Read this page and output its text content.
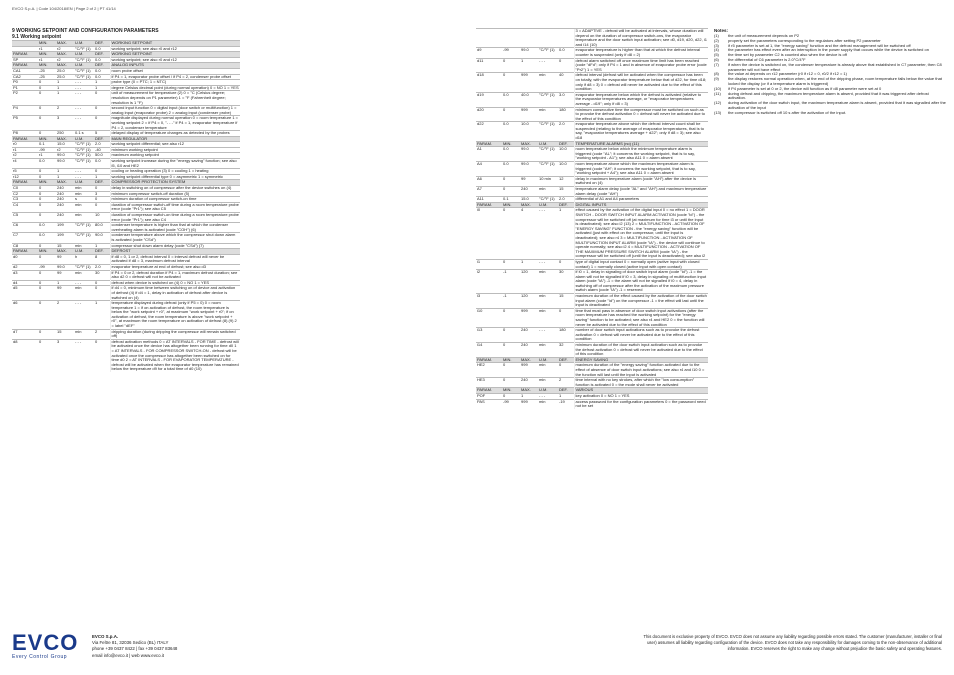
EVCO S.p.A. | Code 104/2018/EN | Page 2 of 2 | PT 41/14
9 WORKING SETPOINT AND CONFIGURATION PARAMETERS
9.1 Working setpoint
	MIN.	MAX.	U.M.	DEF.	WORKING SETPOINT
	r1	r2	°C/°F (1)	0.0	working setpoint; see also r0 and r12
PARAM.	MIN.	MAX.	U.M.	DEF.	WORKING SETPOINT
SP	r1	r2	°C/°F (1)	0.0	working setpoint; see also r0 and r12
PARAM.	MIN.	MAX.	U.M.	DEF.	ANALOG INPUTS
CA1	-25	25.0	°C/°F (1)	0.0	room probe offset
CA2	-25	25.0	°C/°F (1)	0.0	if P4 = 1, evaporator probe offset / if P4 = 2, condenser probe offset
P0	0	1	- - -	1	probe type (0 = PTC; 1 = NTC)
P1	0	1	- - -	1	degree Celsius decimal point (during normal operation) 0 = NO 1 = YES
P2	0	1	- - -	0	unit of measurement for temperature (2) 0 = °C (Celsius degree; resolution depends on P1 parameter) 1 = °F (Fahrenheit degree; resolution is 1 °F)
P4	0	2	- - -	0	second input function 0 = digital input (door switch or multifunction) 1 = analog input (evaporator probe) 2 = analog input (condenser probe)
P5	0	3	- - -	0	magnitude displayed during normal operation 0 = room temperature 1 = working setpoint 2 = if P4 = 0, "- - -" if P4 = 1, evaporator temperature if P4 = 2, condenser temperature
P8	0	250	0.1 s	5	delayed display of temperature changes as detected by the probes
PARAM.	MIN.	MAX.	U.M.	DEF.	MAIN REGULATOR
r0	0.1	15.0	°C/°F (1)	2.0	working setpoint differential; see also r12
r1	-99	r2	°C/°F (1)	-40	minimum working setpoint
r2	r1	99.0	°C/°F (1)	50.0	maximum working setpoint
r4	0.0	99.0	°C/°F (1)	0.0	working setpoint increase during the "energy saving" function; see also i5, i10 and HE2
r5	0	1	- - -	0	cooling or heating operation (3) 0 = cooling 1 = heating
r12	0	1	- - -	1	working setpoint differential type 0 = asymmetric 1 = symmetric
PARAM.	MIN.	MAX.	U.M.	DEF.	COMPRESSOR PROTECTION SYSTEM
C0	0	240	min	0	delay in switching on of compressor after the device switches on (4)
C2	0	240	min	3	minimum compressor switch-off duration (5)
C3	0	240	s	0	minimum duration of compressor switch-on time
C4	0	240	min	0	duration of compressor switch-off time during a room temperature probe error (code "Pr1"); see also C5
C5	0	240	min	10	duration of compressor switch-on time during a room temperature probe error (code "Pr1"); see also C4
C6	0.0	199	°C/°F (1)	80.0	condenser temperature is higher than that at which the condenser overheating alarm is activated (code "COH") (6)
C7	0.0	199	°C/°F (1)	90.0	condenser temperature above which the compressor shut down alarm is activated (code "CSd")
C8	0	15	min	1	compressor shut down alarm delay (code "CSd") (7)
PARAM.	MIN.	MAX.	U.M.	DEF.	DEFROST
d0	0	99	h	8	if d8 = 0, 1 or 2, defrost interval 0 = interval defrost will never be activated if d8 = 3, maximum defrost interval
d2	-99	99.0	°C/°F (1)	2.0	evaporator temperature at end of defrost; see also d3
d3	0	99	min	30	if P4 = 0 or 2, defrost duration if P4 = 1, maximum defrost duration; see also d2 0 = defrost will not be activated
d4	0	1	- - -	0	defrost when device is switched on (4) 0 = NO 1 = YES
d5	0	99	min	0	if d4 = 0, minimum time between switching on of device and activation of defrost (4) if d4 = 1, delay in activation of defrost after device is switched on (4)
d6	0	2	- - -	1	temperature displayed during defrost (only if P5 = 0) 0 = room temperature 1 = if on activation of defrost, the room temperature is below the "work setpoint + r0", at maximum "work setpoint + r0"; if on activation of defrost, the room temperature is above "work setpoint + r0", at maximum the room temperature on activation of defrost (8) (9) 2 = label "dEF"
d7	0	15	min	2	dripping duration (during dripping the compressor will remain switched off)
d8	0	3	- - -	0	defrost activation methods 0 = AT INTERVALS - FOR TIME - defrost will be activated once the device has altogether been running for time d0 1 = AT INTERVALS - FOR COMPRESSOR SWITCH-ON - defrost will be activated once the compressor has altogether been switched on for time d0 2 = AT INTERVALS - FOR EVAPORATOR TEMPERATURE - defrost will be activated when the evaporator temperature has remained below the temperature d9 for a total time of d0 (10)
					3 = ADAPTIVE - defrost will be activated at intervals, whose duration will depend on the duration of compressor switch-ons, the evaporator temperature and the door switch input activation; see d0, d19, d20, d22, i1 and i14 (10)
d9	-99	99.0	°C/°F (1)	0.0	evaporator temperature is higher than that at which the defrost interval counter is suspended (only if d8 = 2)
d11	0	1	- - -	0	defrost alarm switched off once maximum time limit has been reached (code "dFd"; only if P4 = 1 and in absence of evaporator probe error (code "Pr2") 1 = YES
d18	0	999	min	40	defrost interval (defrost will be activated when the compressor has been on totally, with the evaporator temperature below that of d22, for time d18; only if d8 = 3) 0 = defrost will never be activated due to the effect of this condition
d19	0.0	40.0	°C/°F (1)	3.0	evaporator temperature below which the defrost is activated (relative to the evaporator temperatures average, or "evaporator temperatures average - d19"; only if d8 = 3)
d20	0	999	min	180	minimum consecutive time the compressor must be switched on such as to provoke the defrost activation 0 = defrost will never be activated due to the effect of this condition
d22	0.0	10.0	°C/°F (1)	2.0	evaporator temperature above which the defrost interval count shall be suspended (relating to the average of evaporator temperatures, that is to say, "evaporator temperatures average + d22"; only if d8 = 3); see also d18
PARAM.	MIN.	MAX.	U.M.	DEF.	TEMPERATURE ALARMS (no) (11)
A1	0.0	99.0	°C/°F (1)	10.0	room temperature below which the minimum temperature alarm is triggered (code "AL"; it concerns the working setpoint, that is to say, "working setpoint - A1"); see also A11 0 = alarm absent
A4	0.0	99.0	°C/°F (1)	10.0	room temperature above which the maximum temperature alarm is triggered (code "AH"; it concerns the working setpoint, that is to say, "working setpoint + A4"); see also A11 0 = alarm absent
A6	0	99	10 min	12	delay in maximum temperature alarm (code "AH") after the device is switched on (4)
A7	0	240	min	15	temperature alarm delay (code "AL" and "AH") and maximum temperature alarm delay (code "AH")
A11	0.1	15.0	°C/°F (1)	2.0	differential of A1 and A4 parameters
PARAM.	MIN.	MAX.	U.M.	DEF.	DIGITAL INPUTS
i0	0	4	- - -	1	effect caused by the activation of the digital input 0 = no effect 1 = DOOR SWITCH - DOOR SWITCH INPUT ALARM ACTIVATION (code "id") - the compressor will be switched off (at maximum for time i3 or until the input is deactivated); see also i2 (13) 2 = MULTIFUNCTION - ACTIVATION OF "ENERGY SAVING" FUNCTION - the "energy saving" function will be activated (just with effect on the compressor, until the input is deactivated); see also r4 3 = MULTIFUNCTION - ACTIVATION OF MULTIFUNCTION INPUT ALARM (code "iA") - the device will continue to operate normally; see also i2 4 = MULTIFUNCTION - ACTIVATION OF THE MAXIMUM PRESSURE SWITCH ALARM (code "iA") - the compressor will be switched off (until the input is deactivated); see also i2
i1	0	1	- - -	0	type of digital input contact 0 = normally open (active input with closed contact) 1 = normally closed (active input with open contact)
i2	-1	120	min	30	if i0 = 1, delay in signaling of door switch input alarm (code "id") -1 = the alarm will not be signalled if i0 = 3, delay in signaling of multifunction input alarm (code "iA") -1 = the alarm will not be signalled if i0 = 4, delay in switching off of compressor after the activation of the maximum pressure switch alarm (code "iA") -1 = reserved
i3	-1	120	min	15	maximum duration of the effect caused by the activation of the door switch input alarm (code "id") on the compressor -1 = the effect will last until the input is deactivated
i10	0	999	min	0	time that must pass in absence of door switch input activations (after the room temperature has reached the working setpoint) for the "energy saving" function to be activated; see also r4 and HE2 0 = the function will never be activated due to the effect of this condition
i13	0	240	- - -	180	number of door switch input activations such as to provoke the defrost activation 0 = defrost will never be activated due to the effect of this condition
i14	0	240	min	32	minimum duration of the door switch input activation such as to provoke the defrost activation 0 = defrost will never be activated due to the effect of this condition
PARAM.	MIN.	MAX.	U.M.	DEF.	ENERGY SAVING
HE2	0	999	min	0	maximum duration of the "energy saving" function activated due to the effect of absence of door switch input activations; see also r4 and i10 0 = the function will last until the input is activated
HE3	0	240	min	2	time interval with no key strokes, after which the "low consumption" function is activated 0 = the mode shall never be activated
PARAM.	MIN.	MAX.	U.M.	DEF.	VARIOUS
POF	0	1	- - -	1	key activation 0 = NO 1 = YES
PAS	-99	999	min	-19	access password for the configuration parameters 0 = the password need not be set
Notes:
(1)	the unit of measurement depends on P2
(2)	properly set the parameters corresponding to the regulators after setting P2 parameter
(3)	if r5 parameter is set at 1, the "energy saving" function and the defrost management will be switched off
(4)	the parameter has effect even after an interruption in the power supply that occurs while the device is switched on
(5)	the time set by parameter C2 is counted also when the device is off
(6)	the differential of C6 parameter is 2.0°C/4°F
(7)	if when the device is switched on, the condenser temperature is already above that established in C7 parameter, then C8 parameter will not have effect
(8)	the value at depends on r12 parameter (r0 if r12 = 0, r0/2 if r12 = 1)
(9)	the display restores normal operation when, at the end of the dripping phase, room temperature falls below the value that locked the display (or if a temperature alarm is triggered)
(10)	if P4 parameter is set at 0 or 2, the device will function as if d8 parameter were set at 0
(11)	during defrost and dripping, the maximum temperature alarm is absent, provided that it was triggered after defrost activation.
(12)	during activation of the door switch input, the maximum temperature alarm is absent, provided that it was signalled after the activation of the input
(13)	the compressor is switched off 10 s after the activation of the input.
EVCO
Every Control Group
EVCO S.p.A.
Via Feltre 81, 32036 Sedico (BL) ITALY
phone +39 0437 8422 | fax +39 0437 83648
email info@evco.it | web www.evco.it
This document is exclusive property of EVCO. EVCO does not assume any liability regarding possible errors stated. The customer (manufacturer, installer or final user) assumes all liability regarding configuration of the device. EVCO does not take any responsibility for damages coming to the non-observance of additional information. EVCO reserves the right to make any change without prejudice the basic safety and operating features.
